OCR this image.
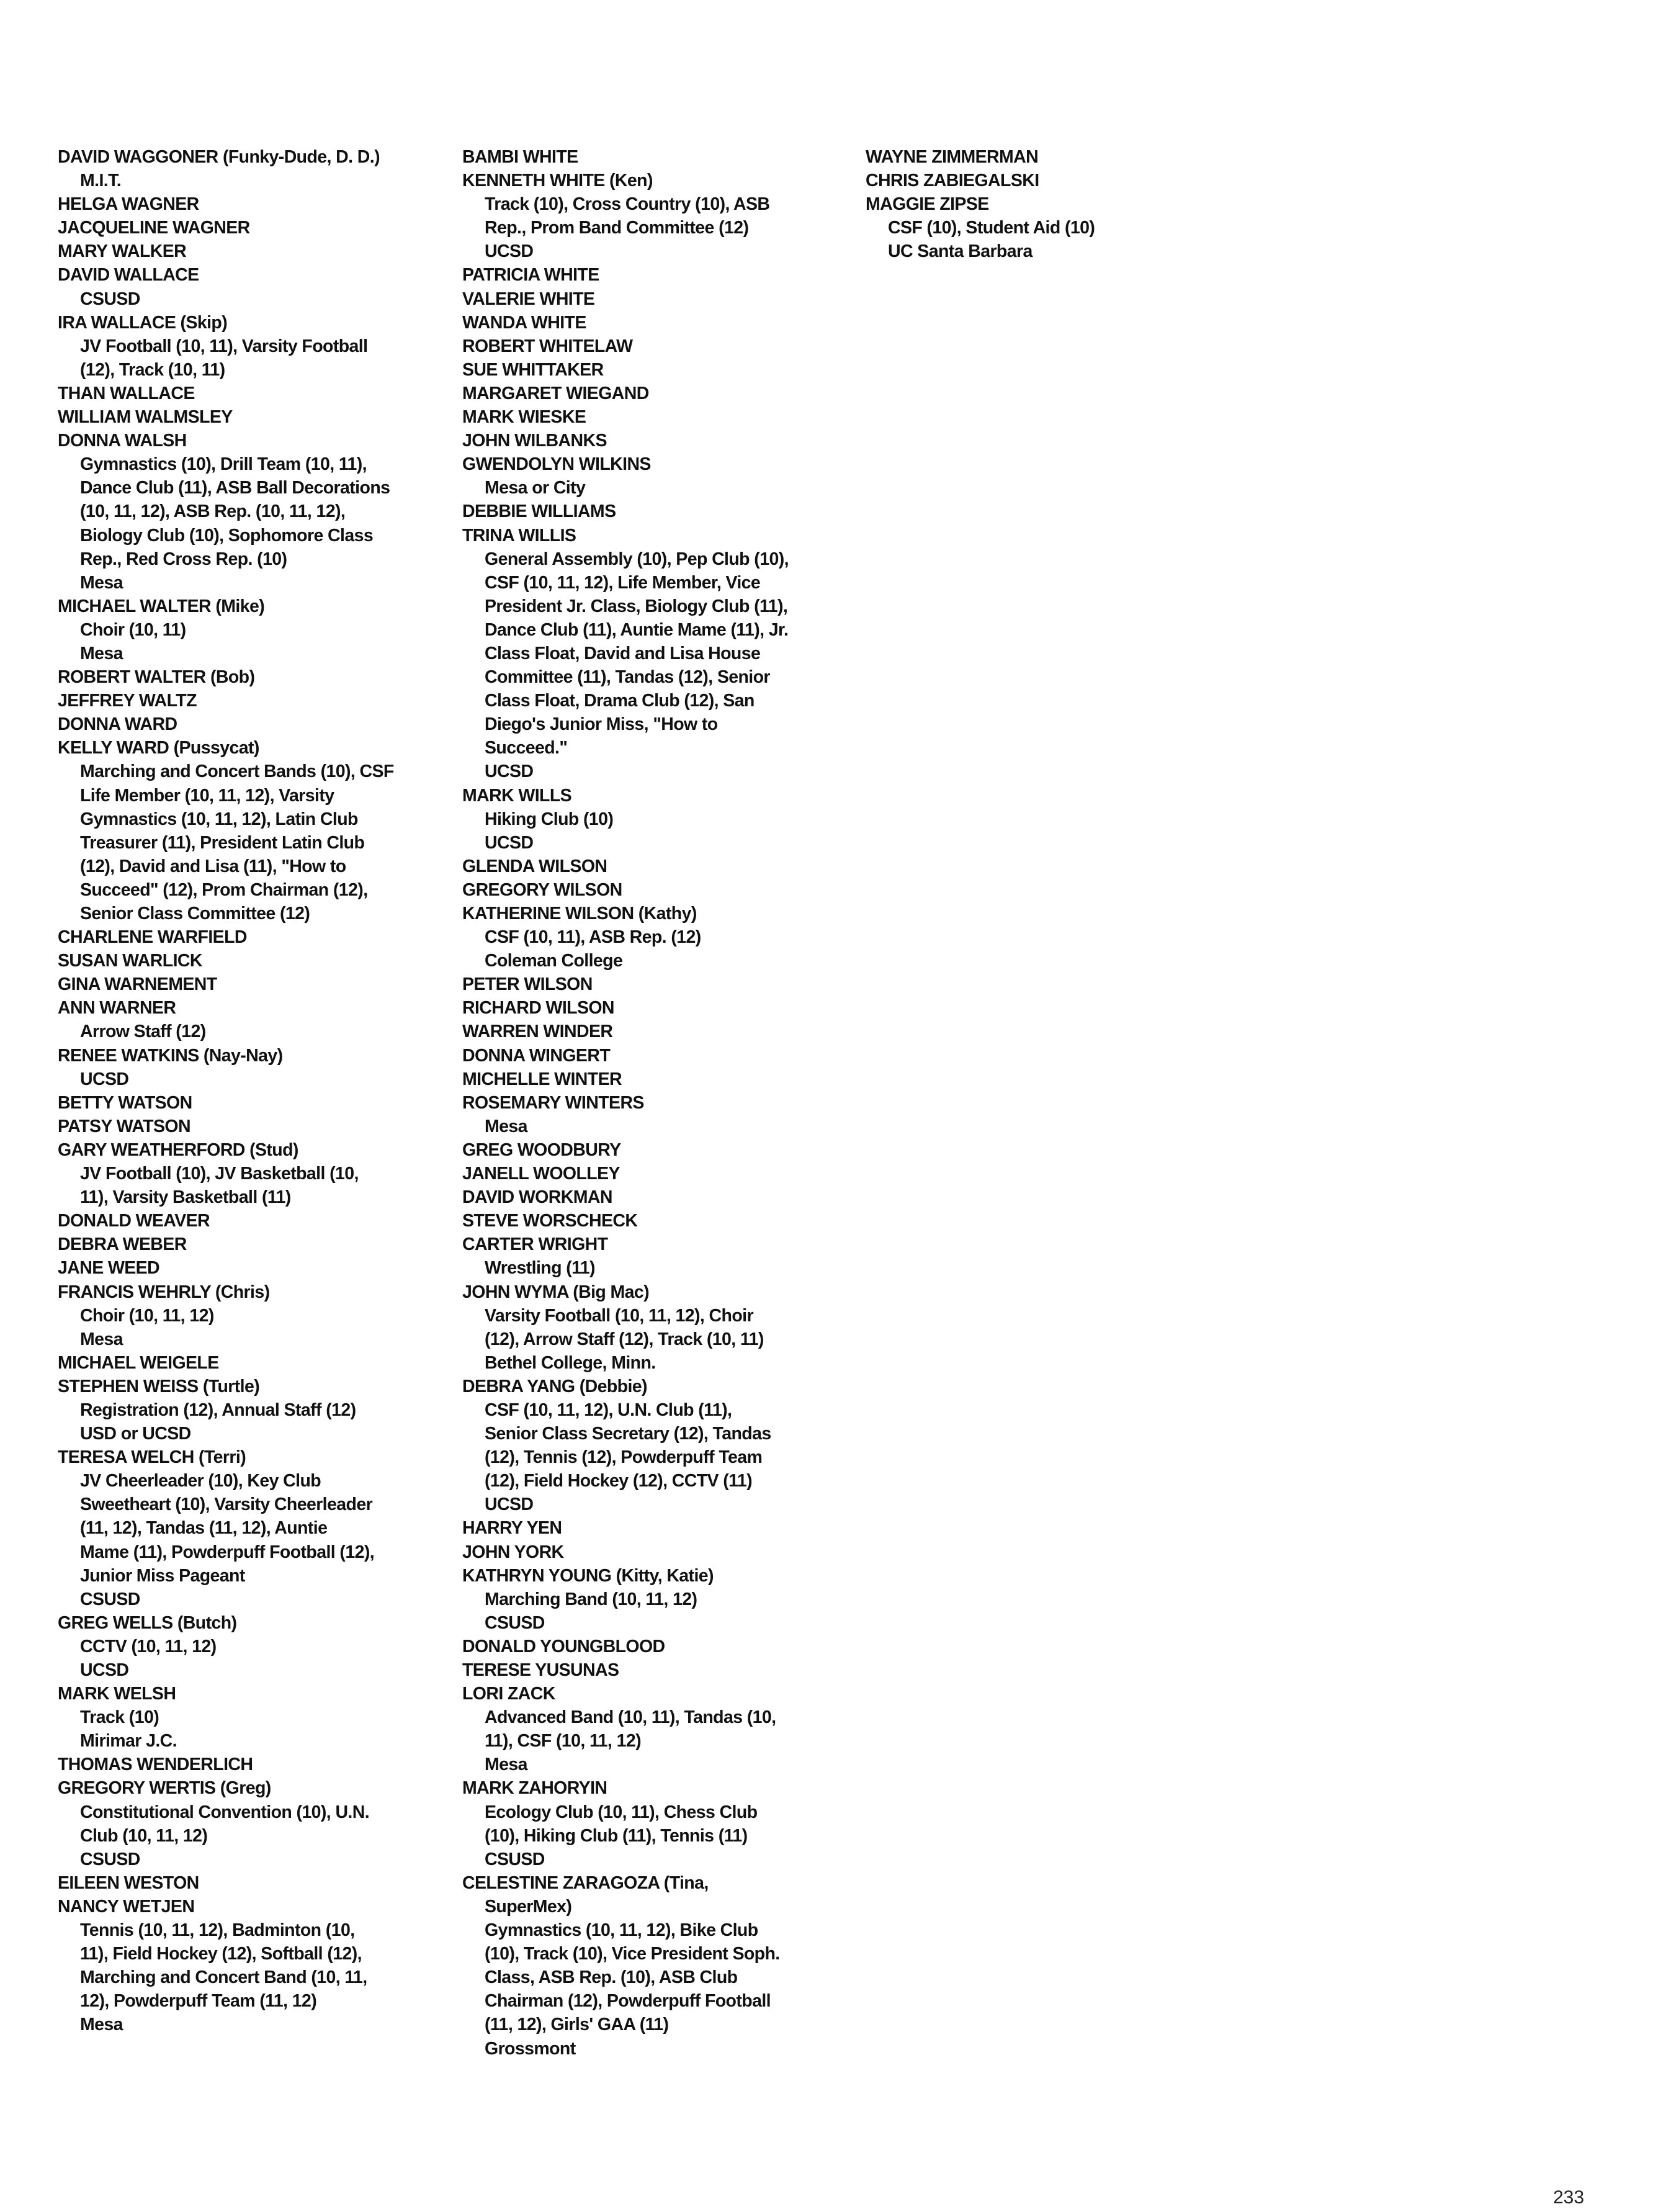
DAVID WAGGONER (Funky-Dude, D. D.)
M.I.T.
HELGA WAGNER
JACQUELINE WAGNER
MARY WALKER
DAVID WALLACE
CSUSD
IRA WALLACE (Skip)
JV Football (10, 11), Varsity Football
(12), Track (10, 11)
THAN WALLACE
WILLIAM WALMSLEY
DONNA WALSH
Gymnastics (10), Drill Team (10, 11),
Dance Club (11), ASB Ball Decorations
(10, 11, 12), ASB Rep. (10, 11, 12),
Biology Club (10), Sophomore Class
Rep., Red Cross Rep. (10)
Mesa
MICHAEL WALTER (Mike)
Choir (10, 11)
Mesa
ROBERT WALTER (Bob)
JEFFREY WALTZ
DONNA WARD
KELLY WARD (Pussycat)
Marching and Concert Bands (10), CSF
Life Member (10, 11, 12), Varsity
Gymnastics (10, 11, 12), Latin Club
Treasurer (11), President Latin Club
(12), David and Lisa (11), "How to
Succeed" (12), Prom Chairman (12),
Senior Class Committee (12)
CHARLENE WARFIELD
SUSAN WARLICK
GINA WARNEMENT
ANN WARNER
Arrow Staff (12)
RENEE WATKINS (Nay-Nay)
UCSD
BETTY WATSON
PATSY WATSON
GARY WEATHERFORD (Stud)
JV Football (10), JV Basketball (10,
11), Varsity Basketball (11)
DONALD WEAVER
DEBRA WEBER
JANE WEED
FRANCIS WEHRLY (Chris)
Choir (10, 11, 12)
Mesa
MICHAEL WEIGELE
STEPHEN WEISS (Turtle)
Registration (12), Annual Staff (12)
USD or UCSD
TERESA WELCH (Terri)
JV Cheerleader (10), Key Club
Sweetheart (10), Varsity Cheerleader
(11, 12), Tandas (11, 12), Auntie
Mame (11), Powderpuff Football (12),
Junior Miss Pageant
CSUSD
GREG WELLS (Butch)
CCTV (10, 11, 12)
UCSD
MARK WELSH
Track (10)
Mirimar J.C.
THOMAS WENDERLICH
GREGORY WERTIS (Greg)
Constitutional Convention (10), U.N.
Club (10, 11, 12)
CSUSD
EILEEN WESTON
NANCY WETJEN
Tennis (10, 11, 12), Badminton (10,
11), Field Hockey (12), Softball (12),
Marching and Concert Band (10, 11,
12), Powderpuff Team (11, 12)
Mesa
BAMBI WHITE
KENNETH WHITE (Ken)
Track (10), Cross Country (10), ASB
Rep., Prom Band Committee (12)
UCSD
PATRICIA WHITE
VALERIE WHITE
WANDA WHITE
ROBERT WHITELAW
SUE WHITTAKER
MARGARET WIEGAND
MARK WIESKE
JOHN WILBANKS
GWENDOLYN WILKINS
Mesa or City
DEBBIE WILLIAMS
TRINA WILLIS
General Assembly (10), Pep Club (10),
CSF (10, 11, 12), Life Member, Vice
President Jr. Class, Biology Club (11),
Dance Club (11), Auntie Mame (11), Jr.
Class Float, David and Lisa House
Committee (11), Tandas (12), Senior
Class Float, Drama Club (12), San
Diego's Junior Miss, "How to
Succeed."
UCSD
MARK WILLS
Hiking Club (10)
UCSD
GLENDA WILSON
GREGORY WILSON
KATHERINE WILSON (Kathy)
CSF (10, 11), ASB Rep. (12)
Coleman College
PETER WILSON
RICHARD WILSON
WARREN WINDER
DONNA WINGERT
MICHELLE WINTER
ROSEMARY WINTERS
Mesa
GREG WOODBURY
JANELL WOOLLEY
DAVID WORKMAN
STEVE WORSCHECK
CARTER WRIGHT
Wrestling (11)
JOHN WYMA (Big Mac)
Varsity Football (10, 11, 12), Choir
(12), Arrow Staff (12), Track (10, 11)
Bethel College, Minn.
DEBRA YANG (Debbie)
CSF (10, 11, 12), U.N. Club (11),
Senior Class Secretary (12), Tandas
(12), Tennis (12), Powderpuff Team
(12), Field Hockey (12), CCTV (11)
UCSD
HARRY YEN
JOHN YORK
KATHRYN YOUNG (Kitty, Katie)
Marching Band (10, 11, 12)
CSUSD
DONALD YOUNGBLOOD
TERESE YUSUNAS
LORI ZACK
Advanced Band (10, 11), Tandas (10,
11), CSF (10, 11, 12)
Mesa
MARK ZAHORYIN
Ecology Club (10, 11), Chess Club
(10), Hiking Club (11), Tennis (11)
CSUSD
CELESTINE ZARAGOZA (Tina,
SuperMex)
Gymnastics (10, 11, 12), Bike Club
(10), Track (10), Vice President Soph.
Class, ASB Rep. (10), ASB Club
Chairman (12), Powderpuff Football
(11, 12), Girls' GAA (11)
Grossmont
WAYNE ZIMMERMAN
CHRIS ZABIEGALSKI
MAGGIE ZIPSE
CSF (10), Student Aid (10)
UC Santa Barbara
233
